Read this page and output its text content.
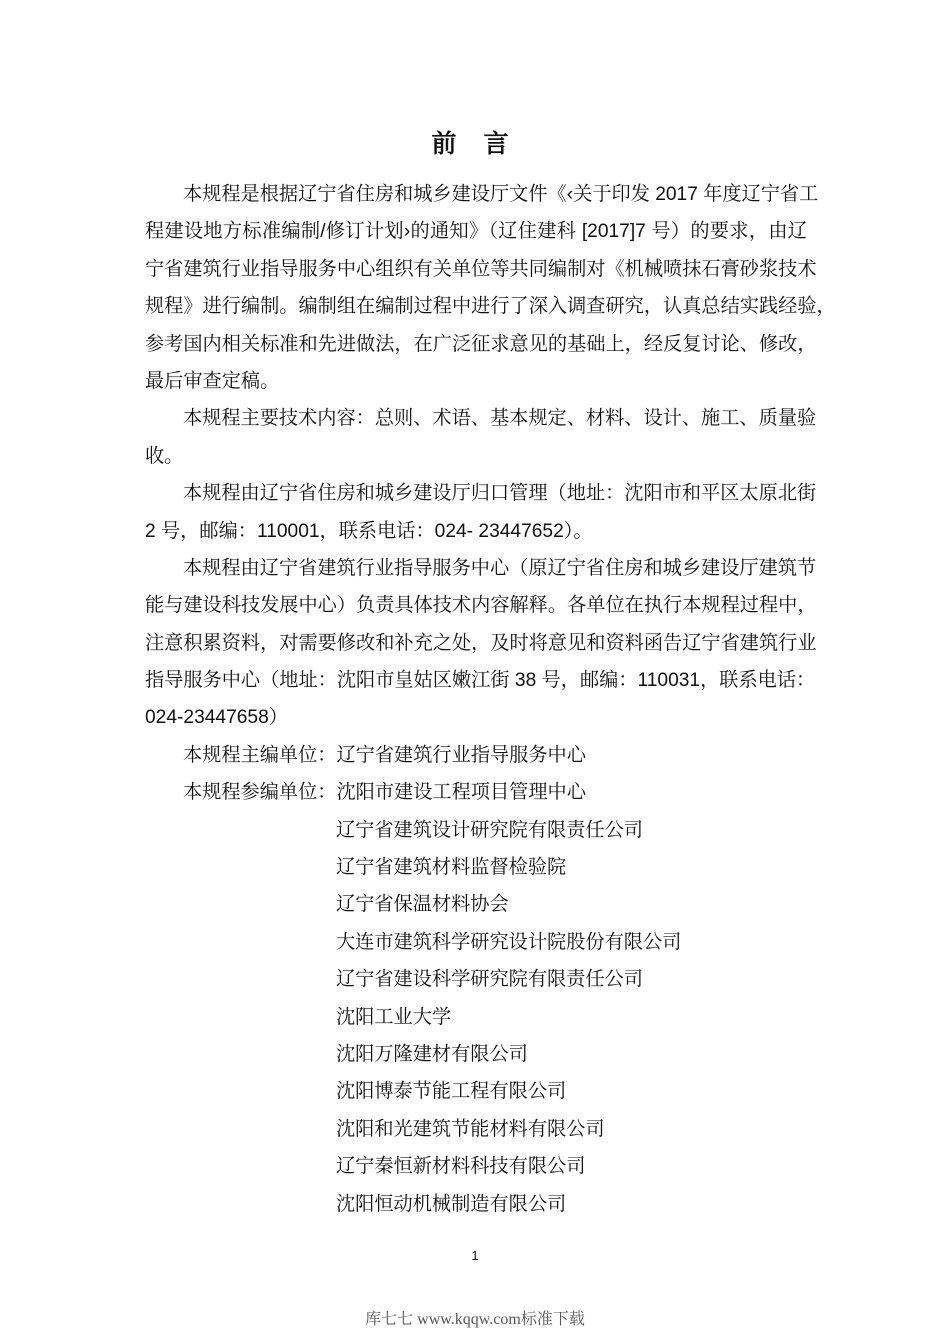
前 言
本规程是根据辽宁省住房和城乡建设厅文件《‹关于印发 2017 年度辽宁省工
程建设地方标准编制/修订计划›的通知》（辽住建科 [2017]7 号）的要求，由辽
宁省建筑行业指导服务中心组织有关单位等共同编制对《机械喷抹石膏砂浆技术
规程》进行编制。编制组在编制过程中进行了深入调查研究，认真总结实践经验，
参考国内相关标准和先进做法，在广泛征求意见的基础上，经反复讨论、修改，
最后审查定稿。
本规程主要技术内容：总则、术语、基本规定、材料、设计、施工、质量验
收。
本规程由辽宁省住房和城乡建设厅归口管理（地址：沈阳市和平区太原北街
2 号，邮编：110001，联系电话：024- 23447652）。
本规程由辽宁省建筑行业指导服务中心（原辽宁省住房和城乡建设厅建筑节
能与建设科技发展中心）负责具体技术内容解释。各单位在执行本规程过程中，
注意积累资料，对需要修改和补充之处，及时将意见和资料函告辽宁省建筑行业
指导服务中心（地址：沈阳市皇姑区嫩江街 38 号，邮编：110031，联系电话：
024-23447658）
本规程主编单位：辽宁省建筑行业指导服务中心
本规程参编单位：沈阳市建设工程项目管理中心
辽宁省建筑设计研究院有限责任公司
辽宁省建筑材料监督检验院
辽宁省保温材料协会
大连市建筑科学研究设计院股份有限公司
辽宁省建设科学研究院有限责任公司
沈阳工业大学
沈阳万隆建材有限公司
沈阳博泰节能工程有限公司
沈阳和光建筑节能材料有限公司
辽宁秦恒新材料科技有限公司
沈阳恒动机械制造有限公司
1
库七七 www.kqqw.com标准下载
